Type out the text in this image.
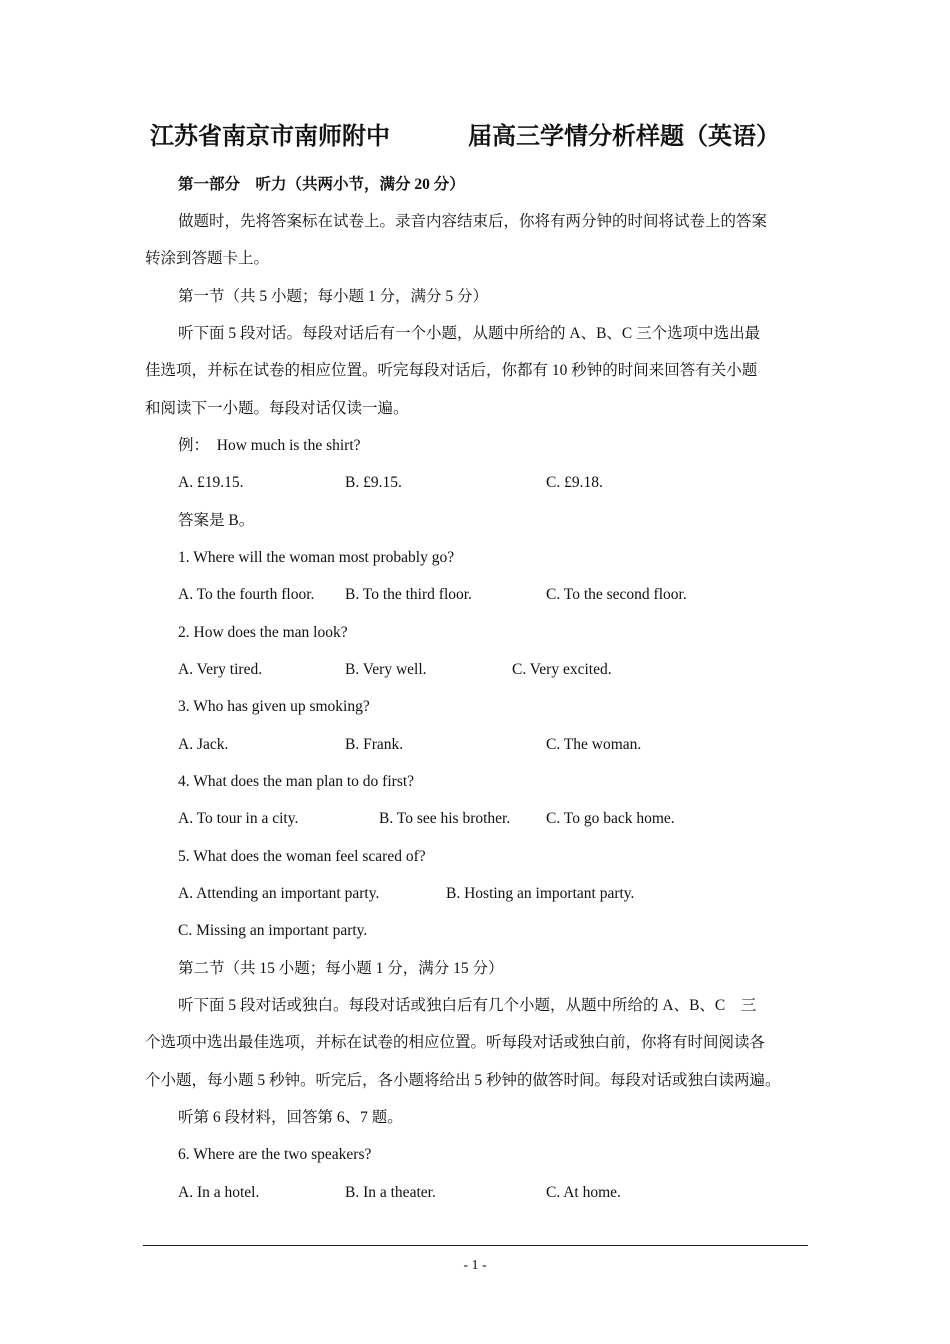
江苏省南京市南师附中	届高三学情分析样题（英语）
第一部分　听力（共两小节，满分 20 分）
做题时，先将答案标在试卷上。录音内容结束后，你将有两分钟的时间将试卷上的答案
转涂到答题卡上。
第一节（共 5 小题；每小题 1 分，满分 5 分）
听下面 5 段对话。每段对话后有一个小题，从题中所给的 A、B、C 三个选项中选出最
佳选项，并标在试卷的相应位置。听完每段对话后，你都有 10 秒钟的时间来回答有关小题
和阅读下一小题。每段对话仅读一遍。
例：　How much is the shirt?
A. £19.15.	B. £9.15.	C. £9.18.
答案是 B。
1. Where will the woman most probably go?
A. To the fourth floor. B. To the third floor.	C. To the second floor.
2. How does the man look?
A. Very tired.	B. Very well.	C. Very excited.
3. Who has given up smoking?
A. Jack.	B. Frank.	C. The woman.
4. What does the man plan to do first?
A. To tour in a city.	B. To see his brother. C. To go back home.
5. What does the woman feel scared of?
A. Attending an important party.	B. Hosting an important party.
C. Missing an important party.
第二节（共 15 小题；每小题 1 分，满分 15 分）
听下面 5 段对话或独白。每段对话或独白后有几个小题，从题中所给的 A、B、C　三
个选项中选出最佳选项，并标在试卷的相应位置。听每段对话或独白前，你将有时间阅读各
个小题，每小题 5 秒钟。听完后，各小题将给出 5 秒钟的做答时间。每段对话或独白读两遍。
听第 6 段材料，回答第 6、7 题。
6. Where are the two speakers?
A. In a hotel.	B. In a theater.	C. At home.
- 1 -
